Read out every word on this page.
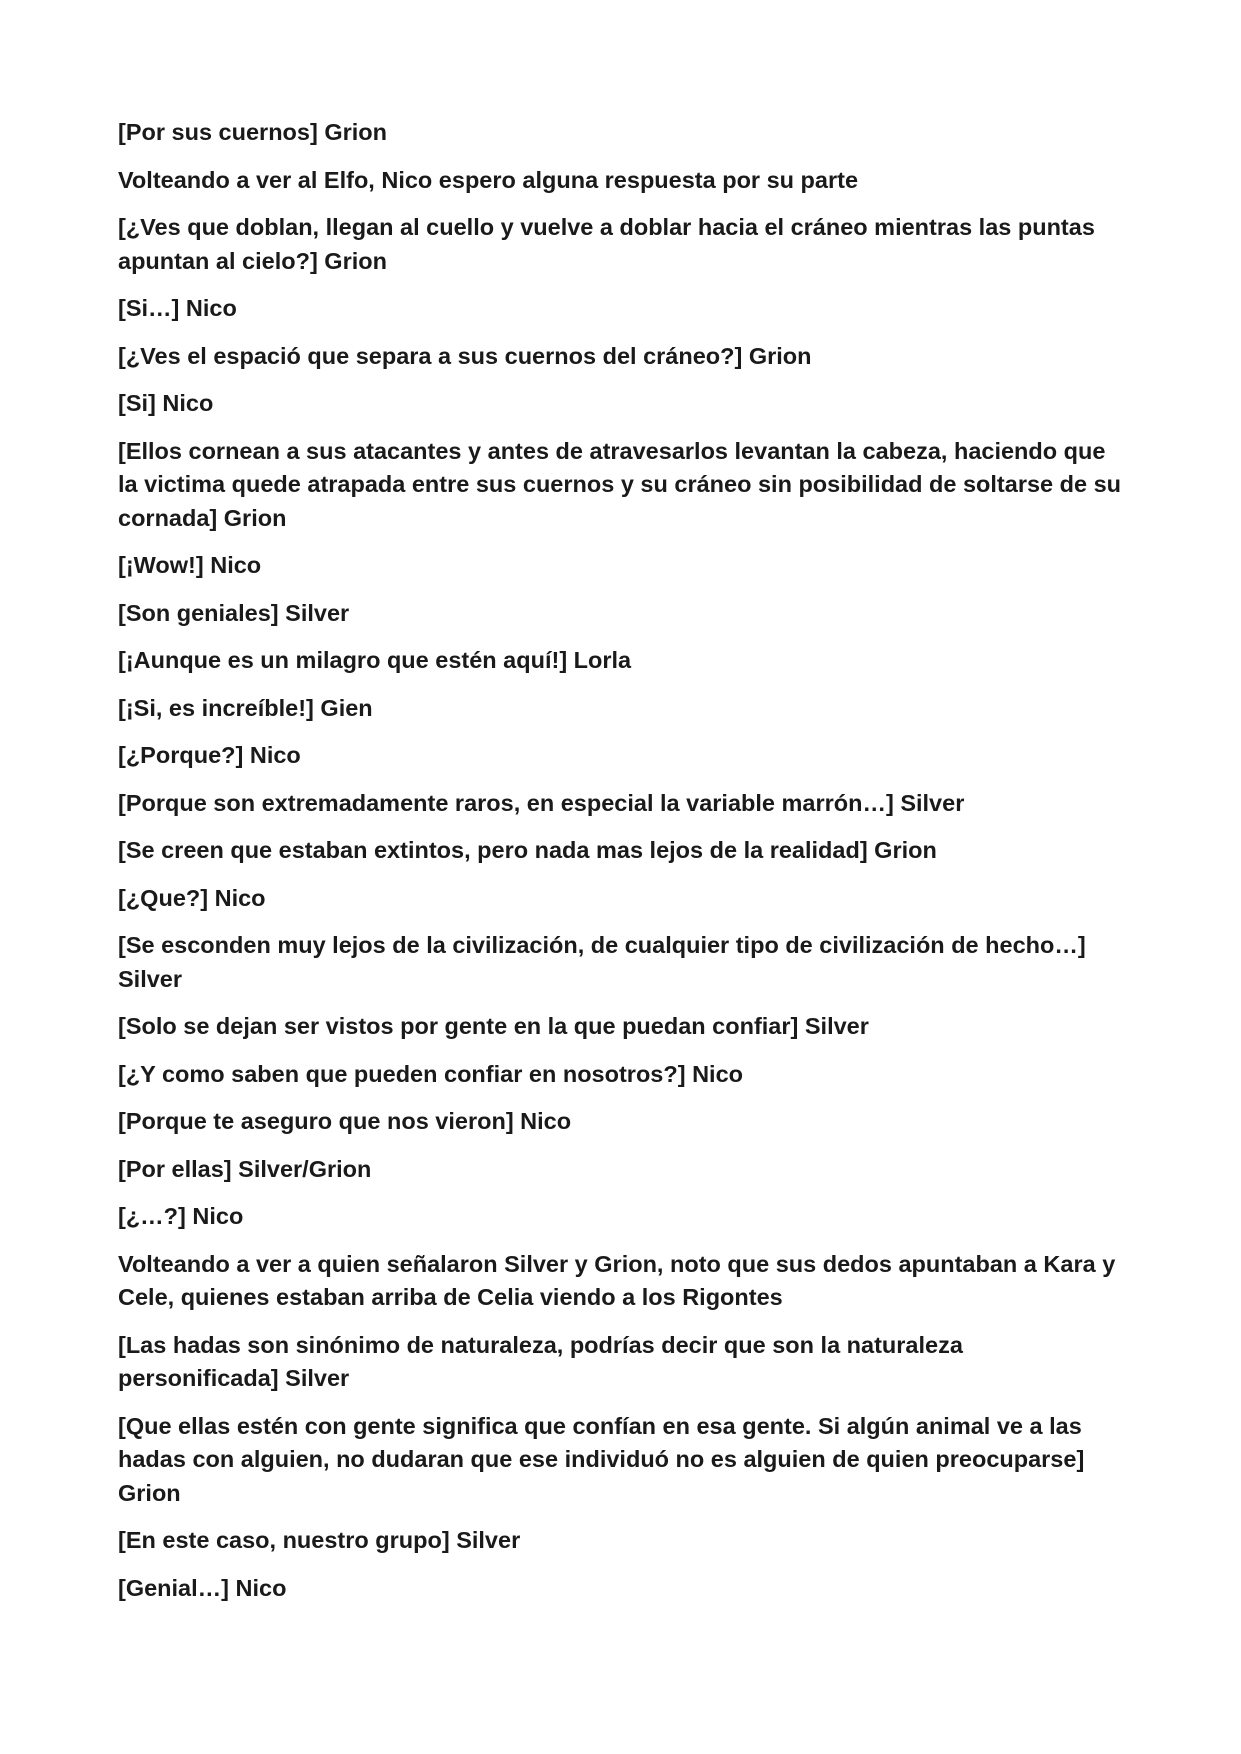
[Por sus cuernos] Grion

Volteando a ver al Elfo, Nico espero alguna respuesta por su parte

[¿Ves que doblan, llegan al cuello y vuelve a doblar hacia el cráneo mientras las puntas apuntan al cielo?] Grion

[Si…] Nico

[¿Ves el espació que separa a sus cuernos del cráneo?] Grion

[Si] Nico

[Ellos cornean a sus atacantes y antes de atravesarlos levantan la cabeza, haciendo que la victima quede atrapada entre sus cuernos y su cráneo sin posibilidad de soltarse de su cornada] Grion

[¡Wow!] Nico

[Son geniales] Silver

[¡Aunque es un milagro que estén aquí!] Lorla

[¡Si, es increíble!] Gien

[¿Porque?] Nico

[Porque son extremadamente raros, en especial la variable marrón…] Silver

[Se creen que estaban extintos, pero nada mas lejos de la realidad] Grion

[¿Que?] Nico

[Se esconden muy lejos de la civilización, de cualquier tipo de civilización de hecho…] Silver

[Solo se dejan ser vistos por gente en la que puedan confiar] Silver

[¿Y como saben que pueden confiar en nosotros?] Nico

[Porque te aseguro que nos vieron] Nico

[Por ellas] Silver/Grion

[¿…?] Nico

Volteando a ver a quien señalaron Silver y Grion, noto que sus dedos apuntaban a Kara y Cele, quienes estaban arriba de Celia viendo a los Rigontes

[Las hadas son sinónimo de naturaleza, podrías decir que son la naturaleza personificada] Silver

[Que ellas estén con gente significa que confían en esa gente. Si algún animal ve a las hadas con alguien, no dudaran que ese individuó no es alguien de quien preocuparse] Grion

[En este caso, nuestro grupo] Silver

[Genial…] Nico
